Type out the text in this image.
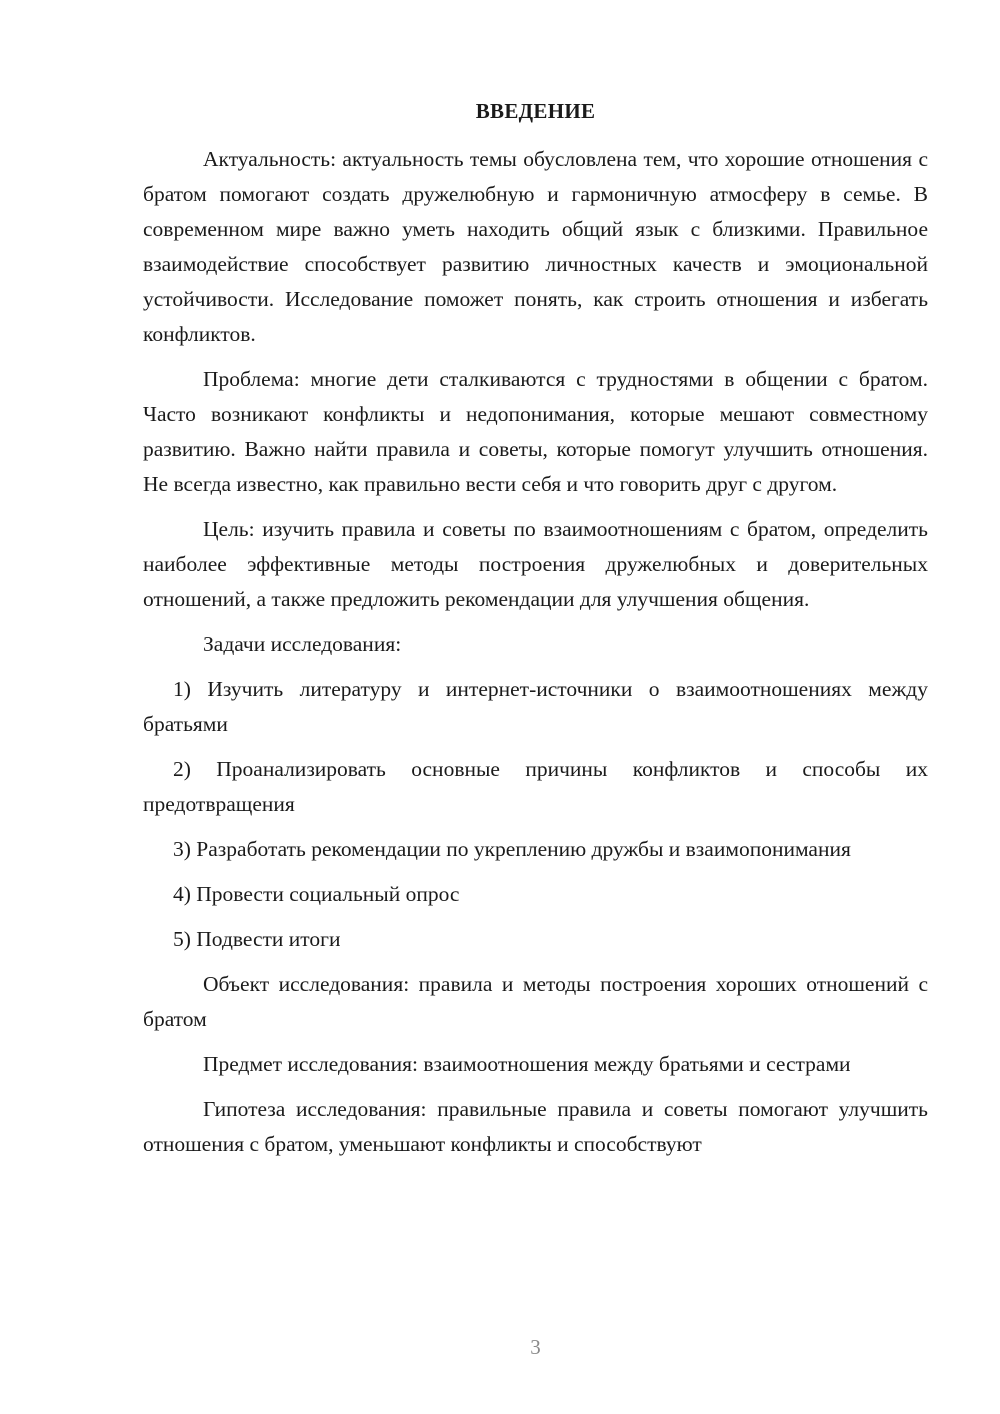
ВВЕДЕНИЕ

Актуальность: актуальность темы обусловлена тем, что хорошие отношения с братом помогают создать дружелюбную и гармоничную атмосферу в семье. В современном мире важно уметь находить общий язык с близкими. Правильное взаимодействие способствует развитию личностных качеств и эмоциональной устойчивости. Исследование поможет понять, как строить отношения и избегать конфликтов.

Проблема: многие дети сталкиваются с трудностями в общении с братом. Часто возникают конфликты и недопонимания, которые мешают совместному развитию. Важно найти правила и советы, которые помогут улучшить отношения. Не всегда известно, как правильно вести себя и что говорить друг с другом.

Цель: изучить правила и советы по взаимоотношениям с братом, определить наиболее эффективные методы построения дружелюбных и доверительных отношений, а также предложить рекомендации для улучшения общения.

Задачи исследования:

1) Изучить литературу и интернет-источники о взаимоотношениях между братьями

2) Проанализировать основные причины конфликтов и способы их предотвращения

3) Разработать рекомендации по укреплению дружбы и взаимопонимания

4) Провести социальный опрос

5) Подвести итоги

Объект исследования: правила и методы построения хороших отношений с братом

Предмет исследования: взаимоотношения между братьями и сестрами

Гипотеза исследования: правильные правила и советы помогают улучшить отношения с братом, уменьшают конфликты и способствуют

3
